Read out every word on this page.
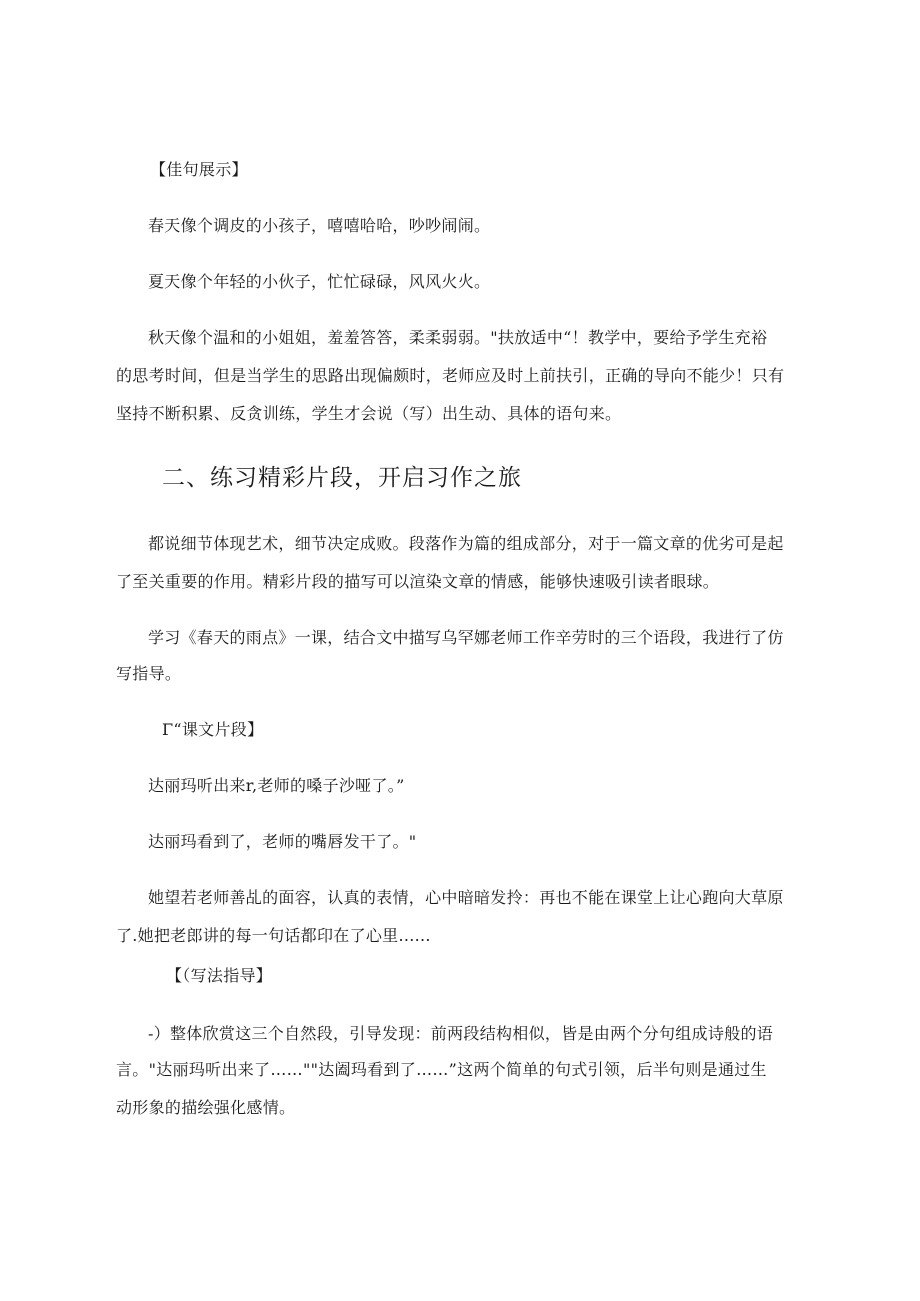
【佳句展示】
春天像个调皮的小孩子，嘻嘻哈哈，吵吵闹闹。
夏天像个年轻的小伙子，忙忙碌碌，风风火火。
秋天像个温和的小姐姐，羞羞答答，柔柔弱弱。"扶放适中“！教学中，要给予学生充裕
的思考时间，但是当学生的思路出现偏颇时，老师应及时上前扶引，正确的导向不能少！只有
坚持不断积累、反贪训练，学生才会说（写）出生动、具体的语句来。
二、练习精彩片段，开启习作之旅
都说细节体现艺术，细节决定成败。段落作为篇的组成部分，对于一篇文章的优劣可是起
了至关重要的作用。精彩片段的描写可以渲染文章的情感，能够快速吸引读者眼球。
学习《春天的雨点》一课，结合文中描写乌罕娜老师工作辛劳时的三个语段，我进行了仿
写指导。
Γ“课文片段】
达丽玛听出来r,老师的嗓子沙哑了。”
达丽玛看到了，老师的嘴唇发干了。"
她望若老师善乩的面容，认真的表情，心中暗暗发拎：再也不能在课堂上让心跑向大草原
了.她把老郎讲的每一句话都印在了心里......
【（写法指导】
-）整体欣赏这三个自然段，引导发现：前两段结构相似，皆是由两个分句组成诗般的语
言。"达丽玛听出来了……""达阖玛看到了……”这两个简单的句式引领，后半句则是通过生
动形象的描绘强化感情。
